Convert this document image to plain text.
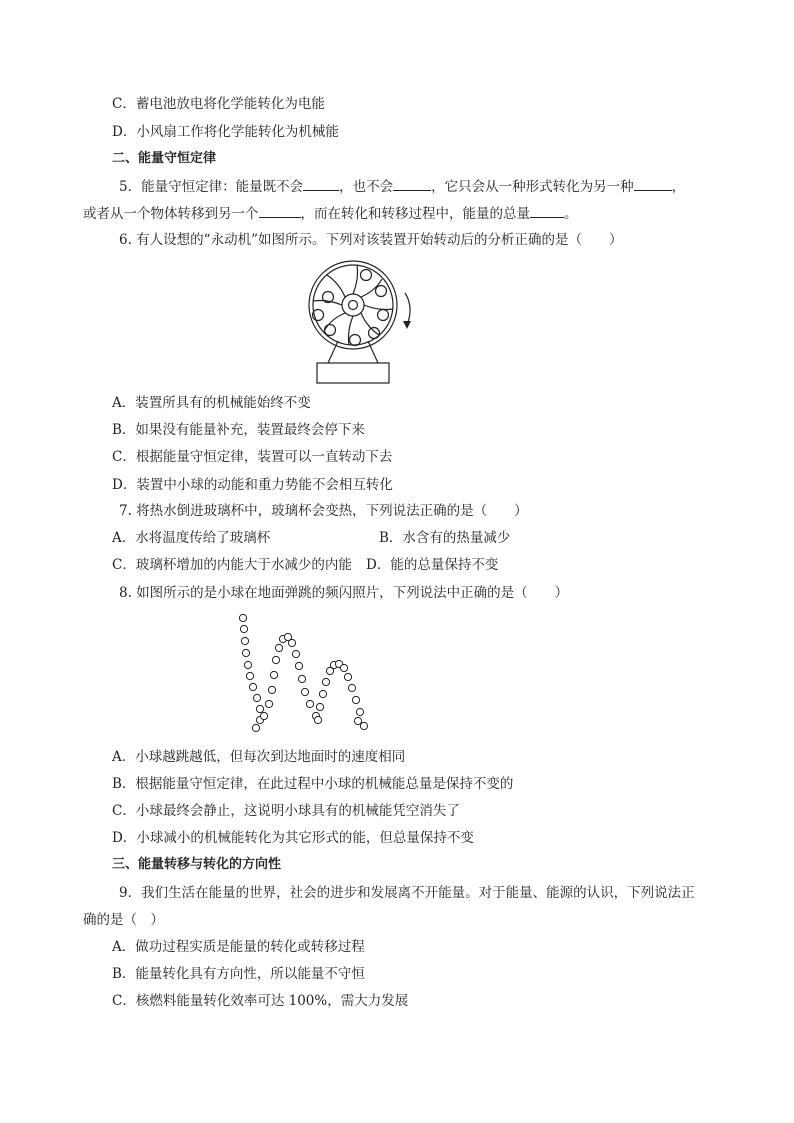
C．蓄电池放电将化学能转化为电能
D．小风扇工作将化学能转化为机械能
二、能量守恒定律
5．能量守恒定律：能量既不会	，也不会	，它只会从一种形式转化为另一种	，
或者从一个物体转移到另一个	，而在转化和转移过程中，能量的总量	。
6. 有人设想的“永动机”如图所示。下列对该装置开始转动后的分析正确的是（　　）
A．装置所具有的机械能始终不变
B．如果没有能量补充，装置最终会停下来
C．根据能量守恒定律，装置可以一直转动下去
D．装置中小球的动能和重力势能不会相互转化
7. 将热水倒进玻璃杯中，玻璃杯会变热，下列说法正确的是（　　）
A．水将温度传给了玻璃杯	B．水含有的热量减少
C．玻璃杯增加的内能大于水减少的内能 D．能的总量保持不变
8. 如图所示的是小球在地面弹跳的频闪照片，下列说法中正确的是（　　）
A．小球越跳越低，但每次到达地面时的速度相同
B．根据能量守恒定律，在此过程中小球的机械能总量是保持不变的
C．小球最终会静止，这说明小球具有的机械能凭空消失了
D．小球减小的机械能转化为其它形式的能，但总量保持不变
三、能量转移与转化的方向性
9．我们生活在能量的世界，社会的进步和发展离不开能量。对于能量、能源的认识，下列说法正
确的是（　）
A．做功过程实质是能量的转化或转移过程
B．能量转化具有方向性，所以能量不守恒
C．核燃料能量转化效率可达 100%，需大力发展
